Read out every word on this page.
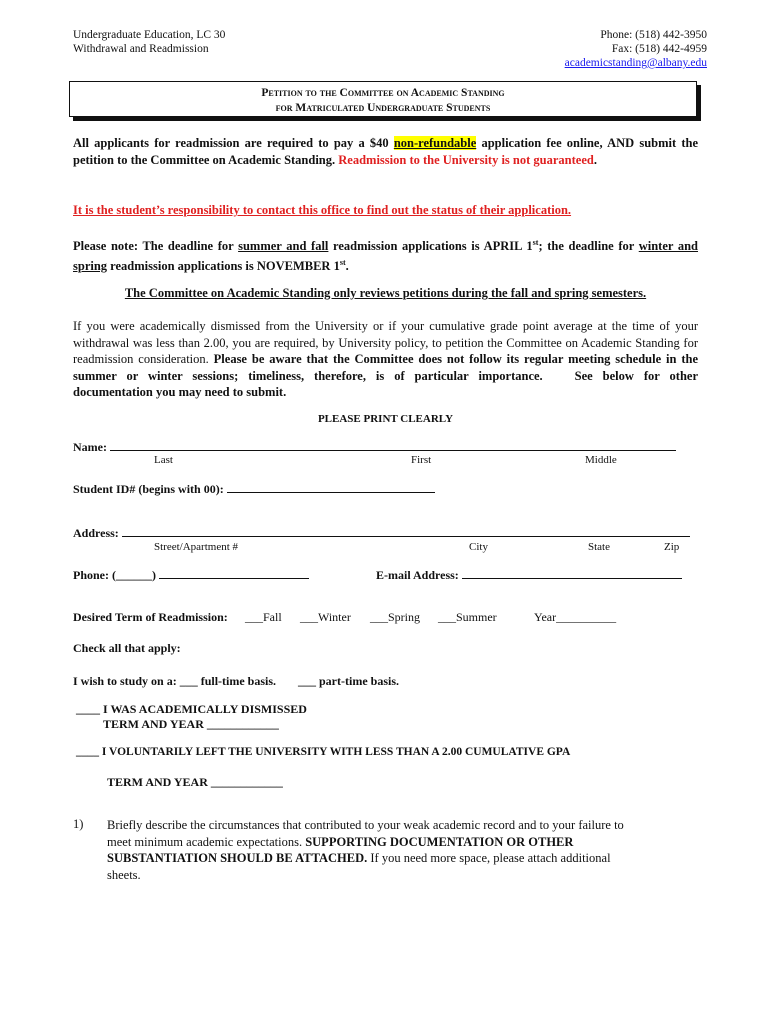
Undergraduate Education, LC 30
Withdrawal and Readmission
Phone: (518) 442-3950
Fax: (518) 442-4959
academicstanding@albany.edu
Petition to the Committee on Academic Standing
for Matriculated Undergraduate Students
All applicants for readmission are required to pay a $40 non-refundable application fee online, AND submit the petition to the Committee on Academic Standing. Readmission to the University is not guaranteed.
It is the student’s responsibility to contact this office to find out the status of their application.
Please note: The deadline for summer and fall readmission applications is APRIL 1st; the deadline for winter and spring readmission applications is NOVEMBER 1st.
The Committee on Academic Standing only reviews petitions during the fall and spring semesters.
If you were academically dismissed from the University or if your cumulative grade point average at the time of your withdrawal was less than 2.00, you are required, by University policy, to petition the Committee on Academic Standing for readmission consideration. Please be aware that the Committee does not follow its regular meeting schedule in the summer or winter sessions; timeliness, therefore, is of particular importance.	See below for other documentation you may need to submit.
PLEASE PRINT CLEARLY
Name:
Last	First	Middle
Student ID# (begins with 00):
Address:
Street/Apartment #	City	State	Zip
Phone: (______)	E-mail Address:
Desired Term of Readmission: ___Fall ___Winter ___Spring ___Summer	Year__________
Check all that apply:
I wish to study on a: ___ full-time basis. ___ part-time basis.
____ I WAS ACADEMICALLY DISMISSED
TERM AND YEAR ____________
____ I VOLUNTARILY LEFT THE UNIVERSITY WITH LESS THAN A 2.00 CUMULATIVE GPA
TERM AND YEAR ____________
1) Briefly describe the circumstances that contributed to your weak academic record and to your failure to meet minimum academic expectations. SUPPORTING DOCUMENTATION OR OTHER SUBSTANTIATION SHOULD BE ATTACHED. If you need more space, please attach additional sheets.
